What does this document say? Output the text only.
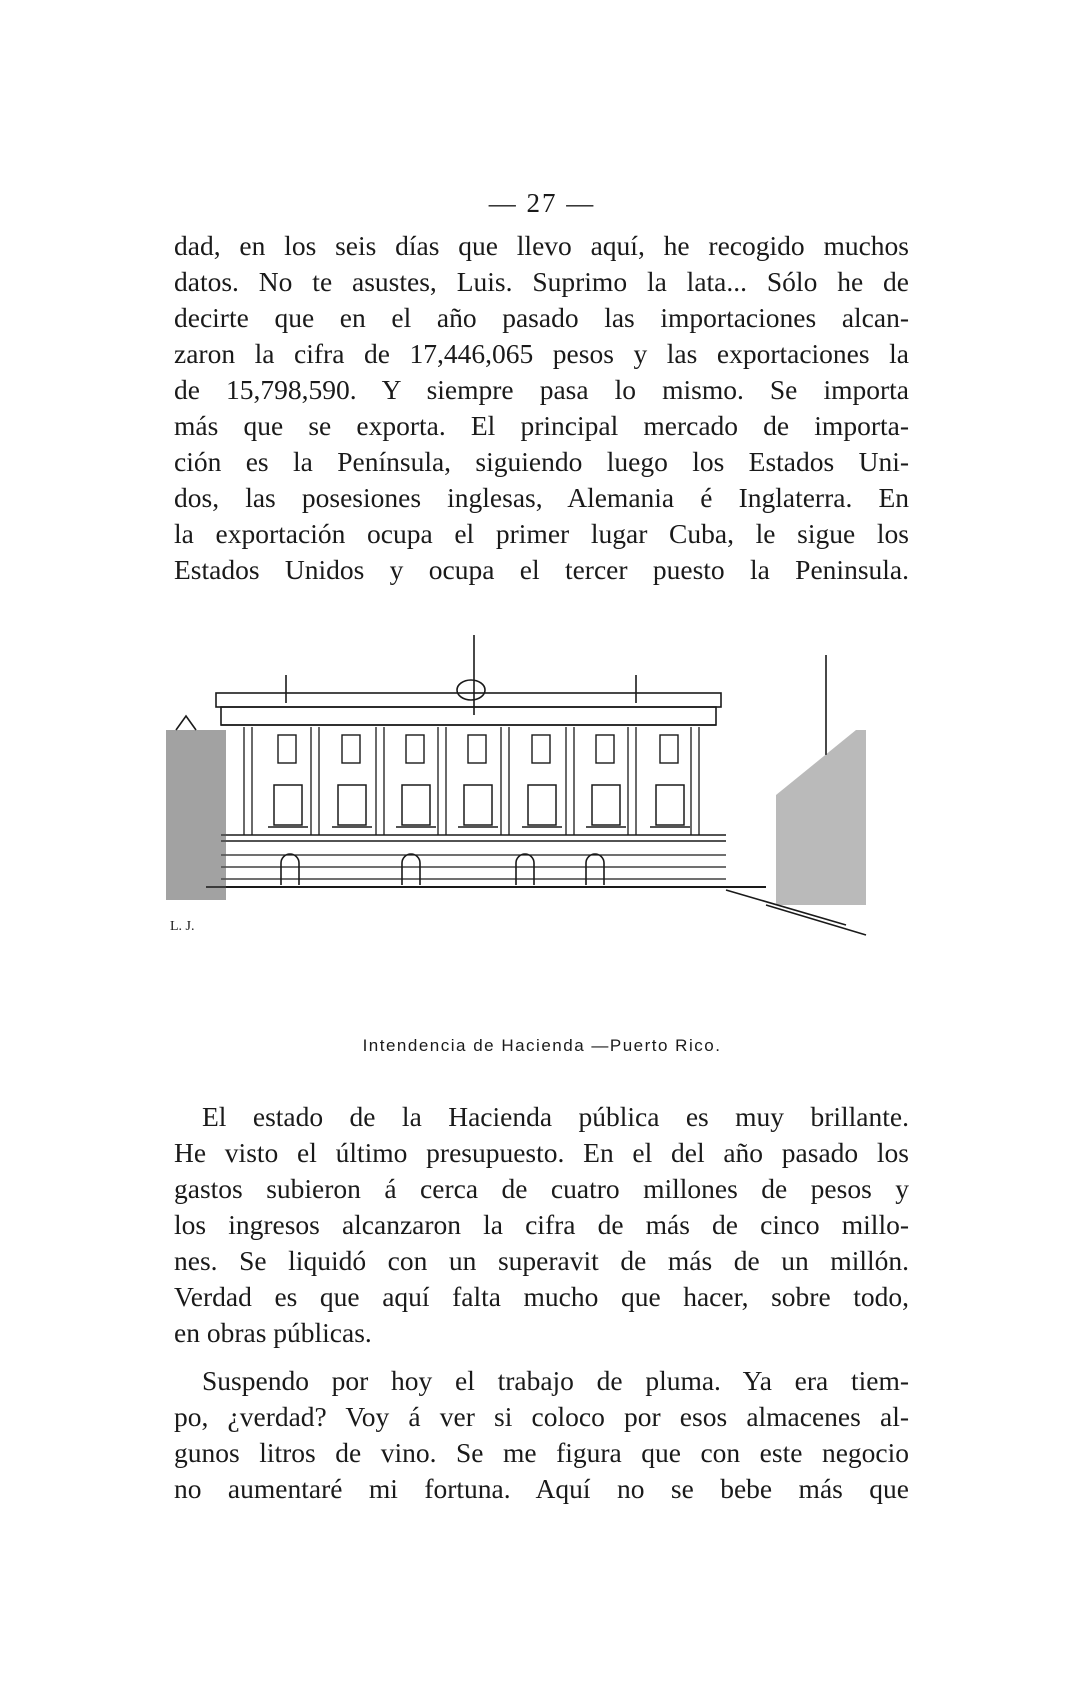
— 27 —
dad, en los seis días que llevo aquí, he recogido muchos
datos. No te asustes, Luis. Suprimo la lata... Sólo he de
decirte que en el año pasado las importaciones alcan-
zaron la cifra de 17,446,065 pesos y las exportaciones la
de 15,798,590. Y siempre pasa lo mismo. Se importa
más que se exporta. El principal mercado de importa-
ción es la Península, siguiendo luego los Estados Uni-
dos, las posesiones inglesas, Alemania é Inglaterra. En
la exportación ocupa el primer lugar Cuba, le sigue los
Estados Unidos y ocupa el tercer puesto la Peninsula.
L. J.
Intendencia de Hacienda —Puerto Rico.
El estado de la Hacienda pública es muy brillante.
He visto el último presupuesto. En el del año pasado los
gastos subieron á cerca de cuatro millones de pesos y
los ingresos alcanzaron la cifra de más de cinco millo-
nes. Se liquidó con un superavit de más de un millón.
Verdad es que aquí falta mucho que hacer, sobre todo,
en obras públicas.
Suspendo por hoy el trabajo de pluma. Ya era tiem-
po, ¿verdad? Voy á ver si coloco por esos almacenes al-
gunos litros de vino. Se me figura que con este negocio
no aumentaré mi fortuna. Aquí no se bebe más que
